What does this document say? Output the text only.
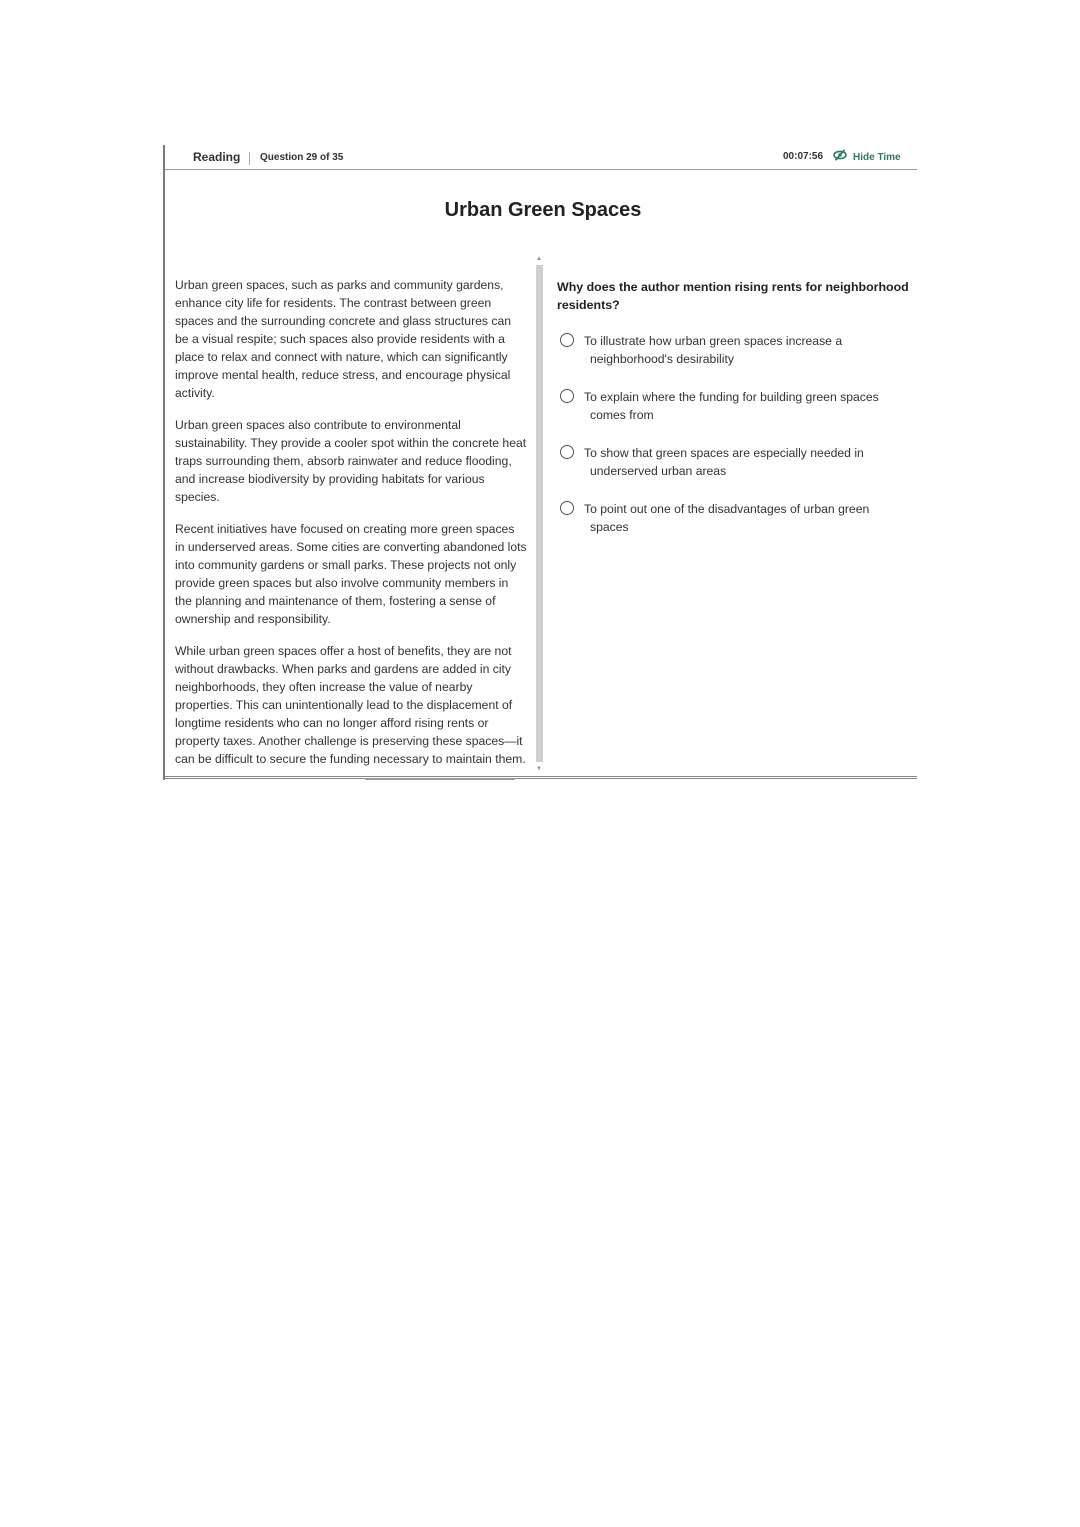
Reading Question 29 of 35	00:07:56	Hide Time
Urban Green Spaces

Urban green spaces, such as parks and community gardens, enhance city life for residents. The contrast between green spaces and the surrounding concrete and glass structures can be a visual respite; such spaces also provide residents with a place to relax and connect with nature, which can significantly improve mental health, reduce stress, and encourage physical activity.

Urban green spaces also contribute to environmental sustainability. They provide a cooler spot within the concrete heat traps surrounding them, absorb rainwater and reduce flooding, and increase biodiversity by providing habitats for various species.

Recent initiatives have focused on creating more green spaces in underserved areas. Some cities are converting abandoned lots into community gardens or small parks. These projects not only provide green spaces but also involve community members in the planning and maintenance of them, fostering a sense of ownership and responsibility.

While urban green spaces offer a host of benefits, they are not without drawbacks. When parks and gardens are added in city neighborhoods, they often increase the value of nearby properties. This can unintentionally lead to the displacement of longtime residents who can no longer afford rising rents or property taxes. Another challenge is preserving these spaces—it can be difficult to secure the funding necessary to maintain them.

▲
▼
Why does the author mention rising rents for neighborhood residents?
To illustrate how urban green spaces increase a neighborhood's desirability
To explain where the funding for building green spaces comes from
To show that green spaces are especially needed in underserved urban areas
To point out one of the disadvantages of urban green spaces
